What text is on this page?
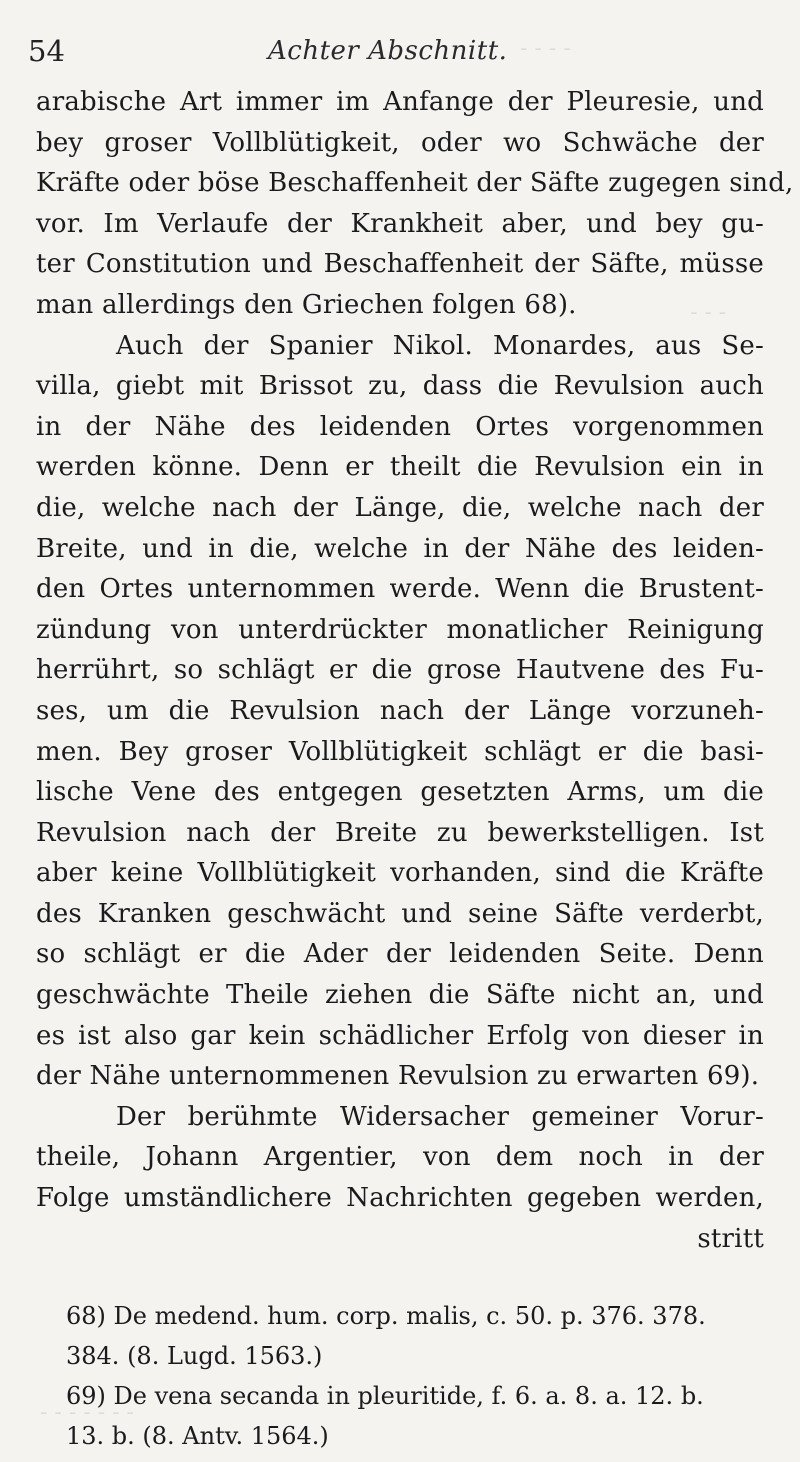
- - - -
- - -
- - - - - - -
54	Achter Abschnitt.
arabische Art immer im Anfange der Pleuresie, und
bey groser Vollblütigkeit, oder wo Schwäche der
Kräfte oder böse Beschaffenheit der Säfte zugegen sind,
vor. Im Verlaufe der Krankheit aber, und bey gu-
ter Constitution und Beschaffenheit der Säfte, müsse
man allerdings den Griechen folgen 68).
Auch der Spanier Nikol. Monardes, aus Se-
villa, giebt mit Brissot zu, dass die Revulsion auch
in der Nähe des leidenden Ortes vorgenommen
werden könne. Denn er theilt die Revulsion ein in
die, welche nach der Länge, die, welche nach der
Breite, und in die, welche in der Nähe des leiden-
den Ortes unternommen werde. Wenn die Brustent-
zündung von unterdrückter monatlicher Reinigung
herrührt, so schlägt er die grose Hautvene des Fu-
ses, um die Revulsion nach der Länge vorzuneh-
men. Bey groser Vollblütigkeit schlägt er die basi-
lische Vene des entgegen gesetzten Arms, um die
Revulsion nach der Breite zu bewerkstelligen. Ist
aber keine Vollblütigkeit vorhanden, sind die Kräfte
des Kranken geschwächt und seine Säfte verderbt,
so schlägt er die Ader der leidenden Seite. Denn
geschwächte Theile ziehen die Säfte nicht an, und
es ist also gar kein schädlicher Erfolg von dieser in
der Nähe unternommenen Revulsion zu erwarten 69).
Der berühmte Widersacher gemeiner Vorur-
theile, Johann Argentier, von dem noch in der
Folge umständlichere Nachrichten gegeben werden,
stritt
68) De medend. hum. corp. malis, c. 50. p. 376. 378.
384. (8. Lugd. 1563.)
69) De vena secanda in pleuritide, f. 6. a. 8. a. 12. b.
13. b. (8. Antv. 1564.)
